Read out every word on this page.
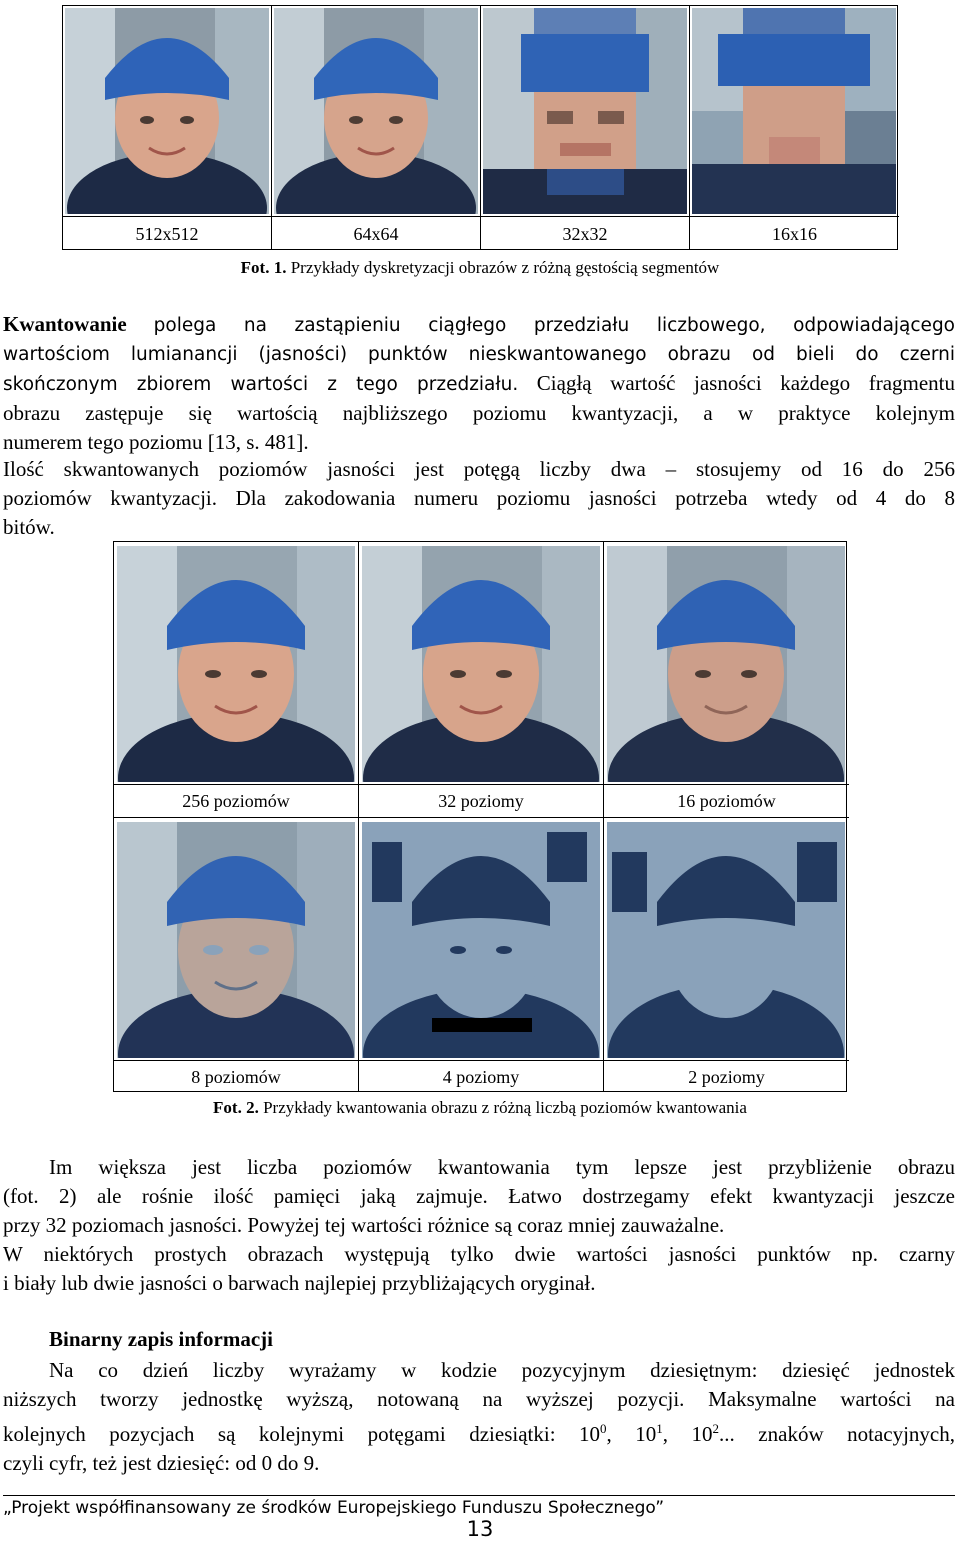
512x512	64x64	32x32	16x16
Fot. 1. Przykłady dyskretyzacji obrazów z różną gęstością segmentów
Kwantowanie polega na zastąpieniu ciągłego przedziału liczbowego, odpowiadającego
wartościom lumianancji (jasności) punktów nieskwantowanego obrazu od bieli do czerni
skończonym zbiorem wartości z tego przedziału. Ciągłą wartość jasności każdego fragmentu
obrazu zastępuje się wartością najbliższego poziomu kwantyzacji, a w praktyce kolejnym
numerem tego poziomu [13, s. 481].
Ilość skwantowanych poziomów jasności jest potęgą liczby dwa – stosujemy od 16 do 256
poziomów kwantyzacji. Dla zakodowania numeru poziomu jasności potrzeba wtedy od 4 do 8
bitów.
256 poziomów	32 poziomy	16 poziomów
8 poziomów	4 poziomy	2 poziomy
Fot. 2. Przykłady kwantowania obrazu z różną liczbą poziomów kwantowania
Im większa jest liczba poziomów kwantowania tym lepsze jest przybliżenie obrazu
(fot. 2) ale rośnie ilość pamięci jaką zajmuje. Łatwo dostrzegamy efekt kwantyzacji jeszcze
przy 32 poziomach jasności. Powyżej tej wartości różnice są coraz mniej zauważalne.
W niektórych prostych obrazach występują tylko dwie wartości jasności punktów np. czarny
i biały lub dwie jasności o barwach najlepiej przybliżających oryginał.
Binarny zapis informacji
Na co dzień liczby wyrażamy w kodzie pozycyjnym dziesiętnym: dziesięć jednostek
niższych tworzy jednostkę wyższą, notowaną na wyższej pozycji. Maksymalne wartości na
kolejnych pozycjach są kolejnymi potęgami dziesiątki: $10^0$, $10^1$, $10^2$... znaków notacyjnych,
czyli cyfr, też jest dziesięć: od 0 do 9.
„Projekt współfinansowany ze środków Europejskiego Funduszu Społecznego”
13
